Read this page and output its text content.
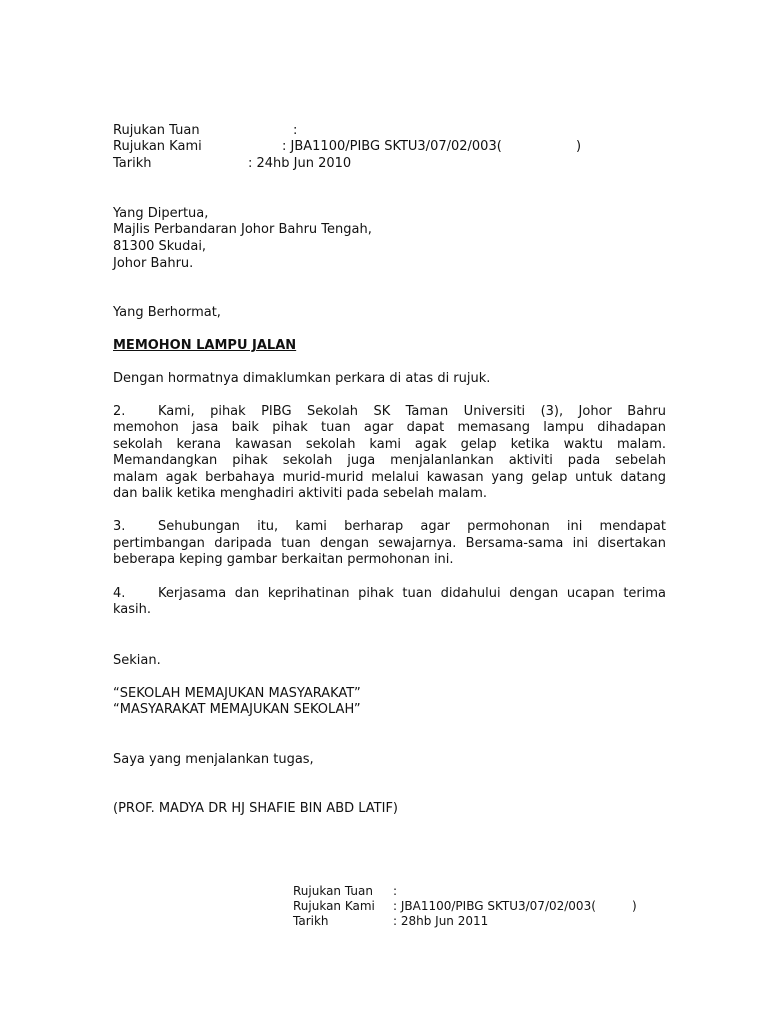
Rujukan Tuan	:
Rujukan Kami	: JBA1100/PIBG SKTU3/07/02/003(	)
Tarikh	: 24hb Jun 2010
Yang Dipertua,
Majlis Perbandaran Johor Bahru Tengah,
81300 Skudai,
Johor Bahru.
Yang Berhormat,
MEMOHON LAMPU JALAN
Dengan hormatnya dimaklumkan perkara di atas di rujuk.
2.	Kami, pihak PIBG Sekolah SK Taman Universiti (3), Johor Bahru
memohon jasa baik pihak tuan agar dapat memasang lampu dihadapan
sekolah kerana kawasan sekolah kami agak gelap ketika waktu malam.
Memandangkan pihak sekolah juga menjalanlankan aktiviti pada sebelah
malam agak berbahaya murid-murid melalui kawasan yang gelap untuk datang
dan balik ketika menghadiri aktiviti pada sebelah malam.
3.	Sehubungan itu, kami berharap agar permohonan ini mendapat
pertimbangan daripada tuan dengan sewajarnya. Bersama-sama ini disertakan
beberapa keping gambar berkaitan permohonan ini.
4.	Kerjasama dan keprihatinan pihak tuan didahului dengan ucapan terima
kasih.
Sekian.
“SEKOLAH MEMAJUKAN MASYARAKAT”
“MASYARAKAT MEMAJUKAN SEKOLAH”
Saya yang menjalankan tugas,
(PROF. MADYA DR HJ SHAFIE BIN ABD LATIF)
Rujukan Tuan :
Rujukan Kami : JBA1100/PIBG SKTU3/07/02/003(	)
Tarikh	: 28hb Jun 2011
